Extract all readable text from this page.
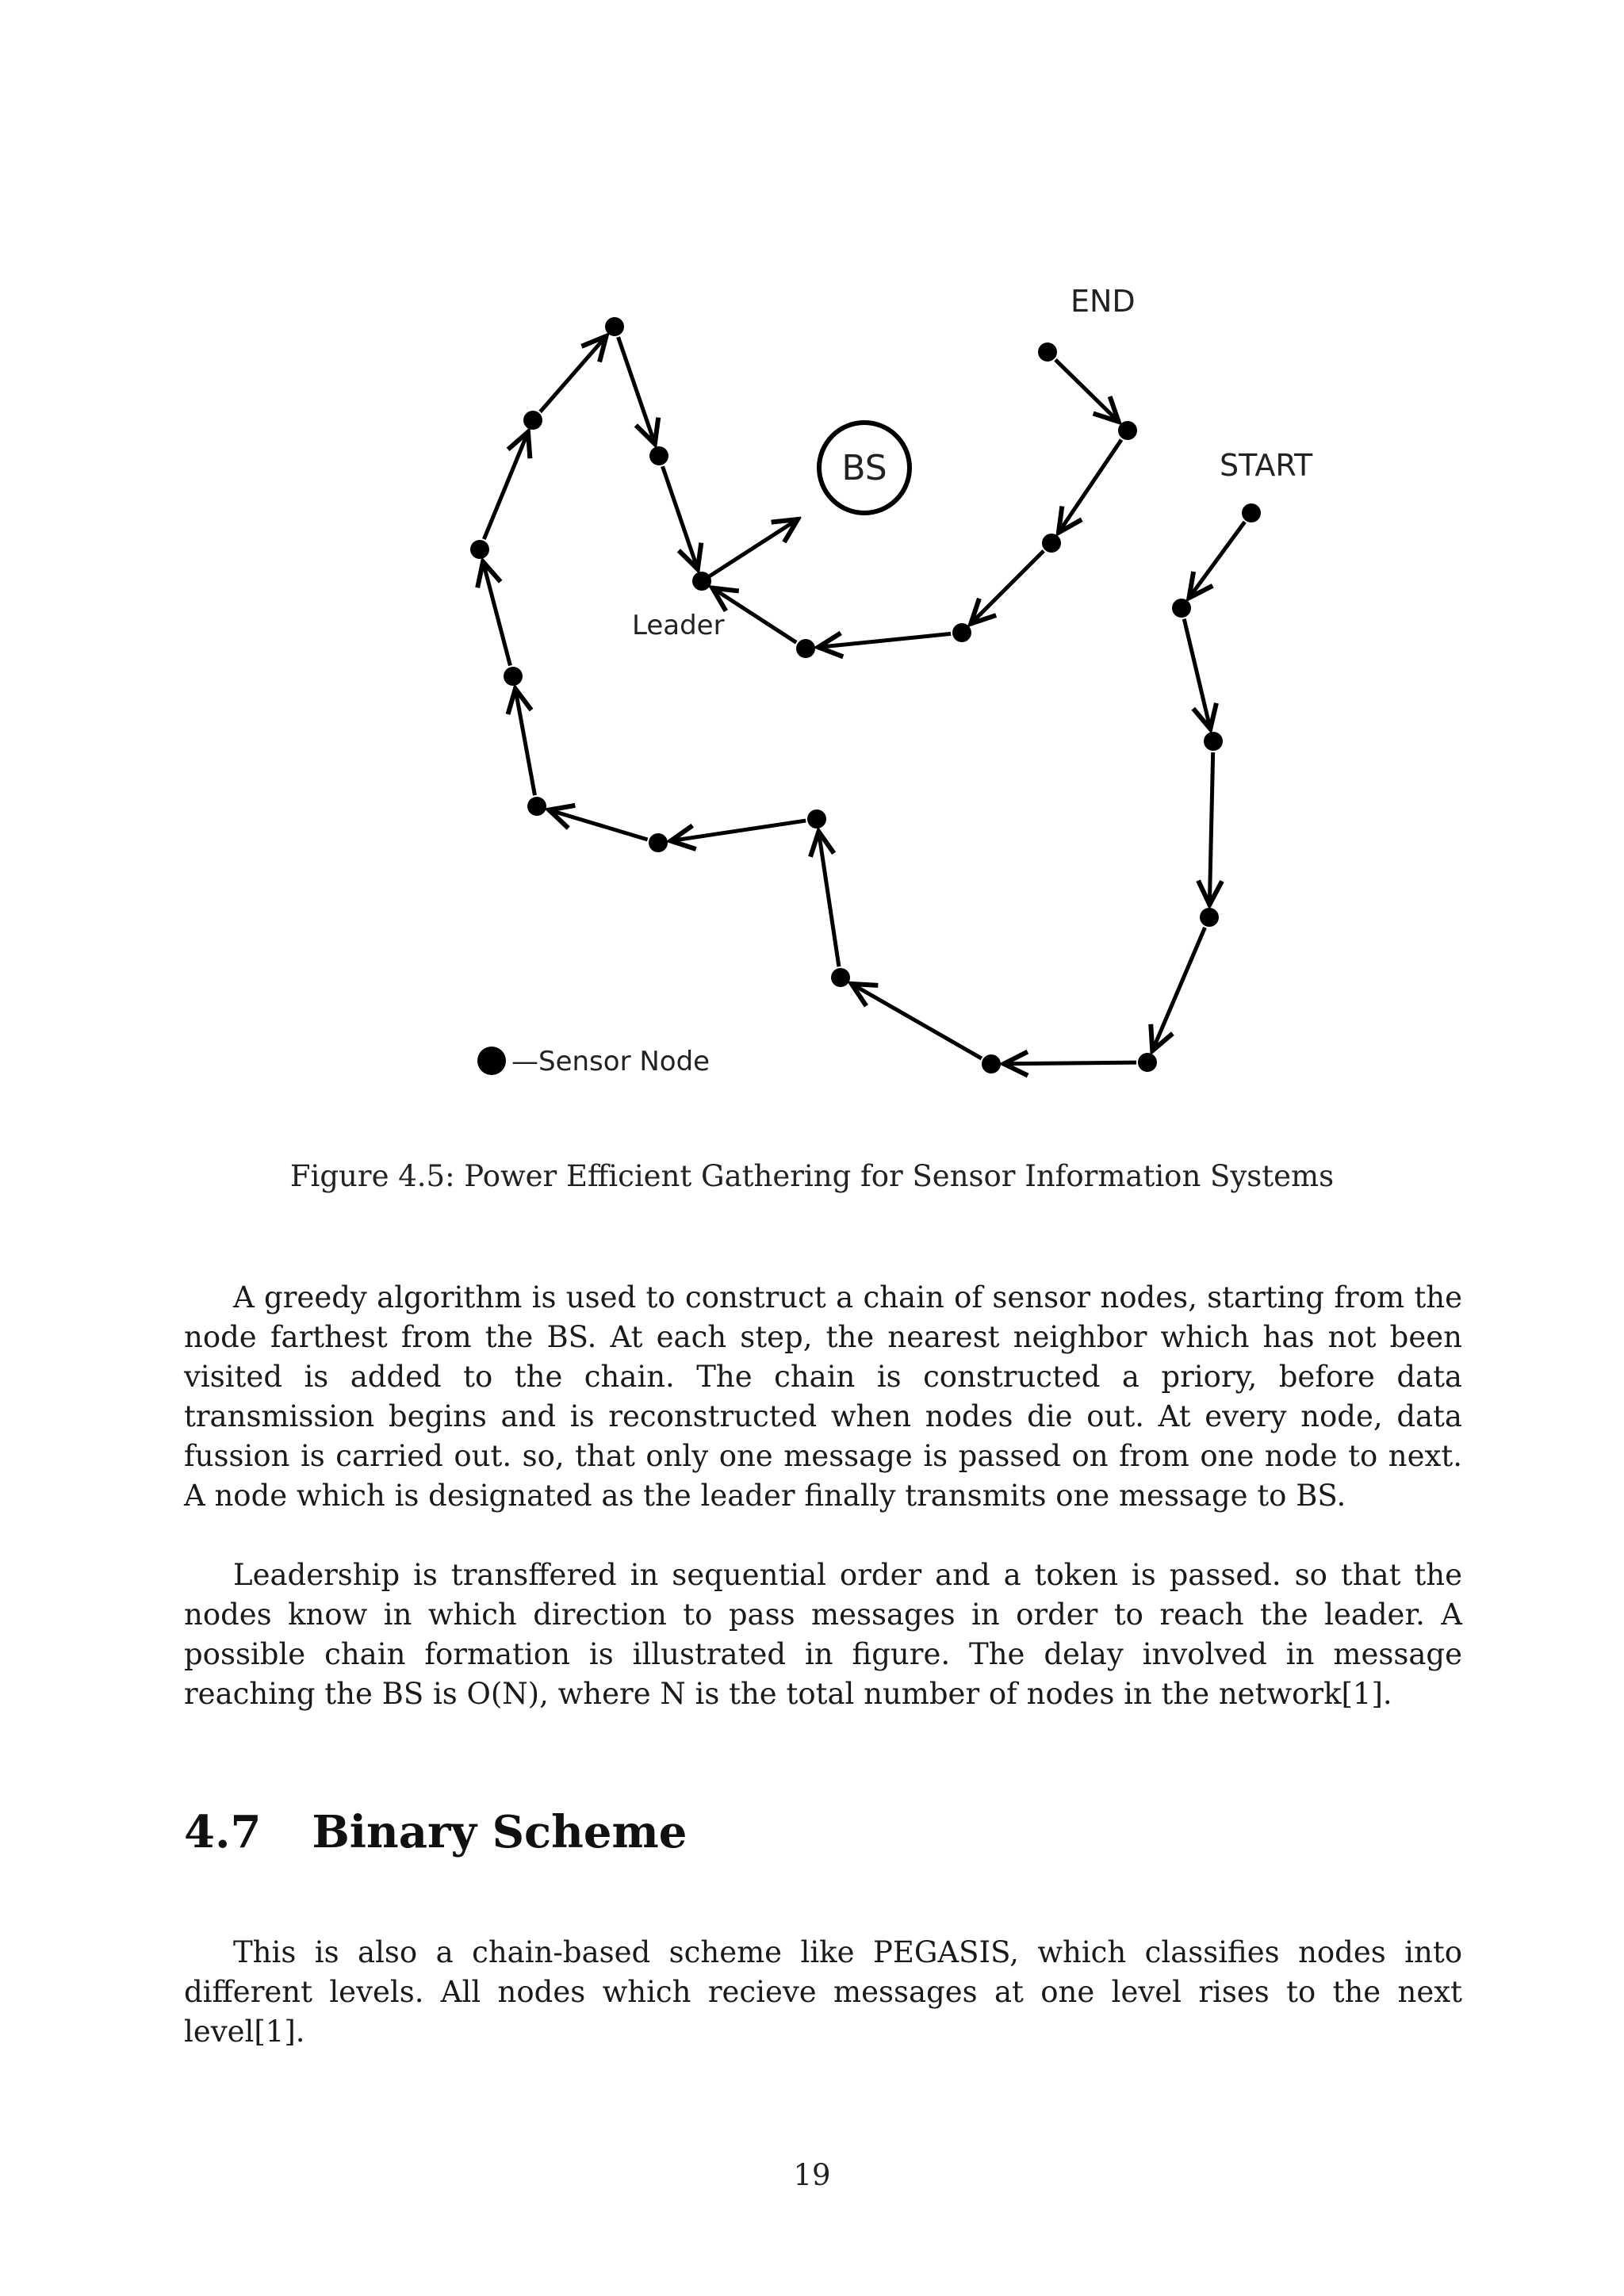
BS
Leader
END
START
—Sensor Node
Figure 4.5: Power Efficient Gathering for Sensor Information Systems

A greedy algorithm is used to construct a chain of sensor nodes, starting from the node farthest from the BS. At each step, the nearest neighbor which has not been visited is added to the chain. The chain is constructed a priory, before data transmission begins and is reconstructed when nodes die out. At every node, data fussion is carried out. so, that only one message is passed on from one node to next. A node which is designated as the leader finally transmits one message to BS.

Leadership is transffered in sequential order and a token is passed. so that the nodes know in which direction to pass messages in order to reach the leader. A possible chain formation is illustrated in figure. The delay involved in message reaching the BS is O(N), where N is the total number of nodes in the network[1].

4.7 Binary Scheme

This is also a chain-based scheme like PEGASIS, which classifies nodes into different levels. All nodes which recieve messages at one level rises to the next level[1].

19
